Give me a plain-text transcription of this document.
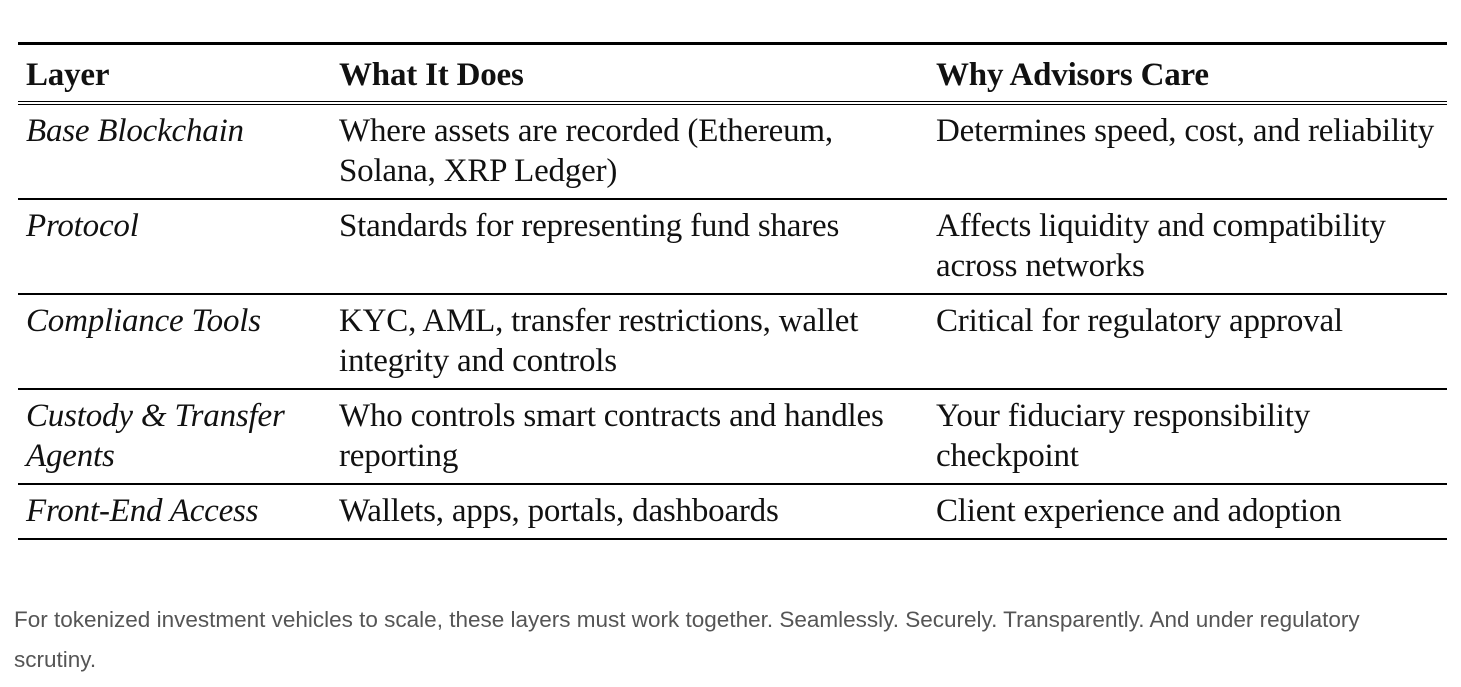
Layer	What It Does	Why Advisors Care
Base Blockchain	Where assets are recorded (Ethereum, Solana, XRP Ledger)	Determines speed, cost, and reliability
Protocol	Standards for representing fund shares	Affects liquidity and compatibility across networks
Compliance Tools	KYC, AML, transfer restrictions, wallet integrity and controls	Critical for regulatory approval
Custody & Transfer Agents	Who controls smart contracts and handles reporting	Your fiduciary responsibility checkpoint
Front-End Access	Wallets, apps, portals, dashboards	Client experience and adoption

For tokenized investment vehicles to scale, these layers must work together. Seamlessly. Securely. Transparently. And under regulatory scrutiny.
